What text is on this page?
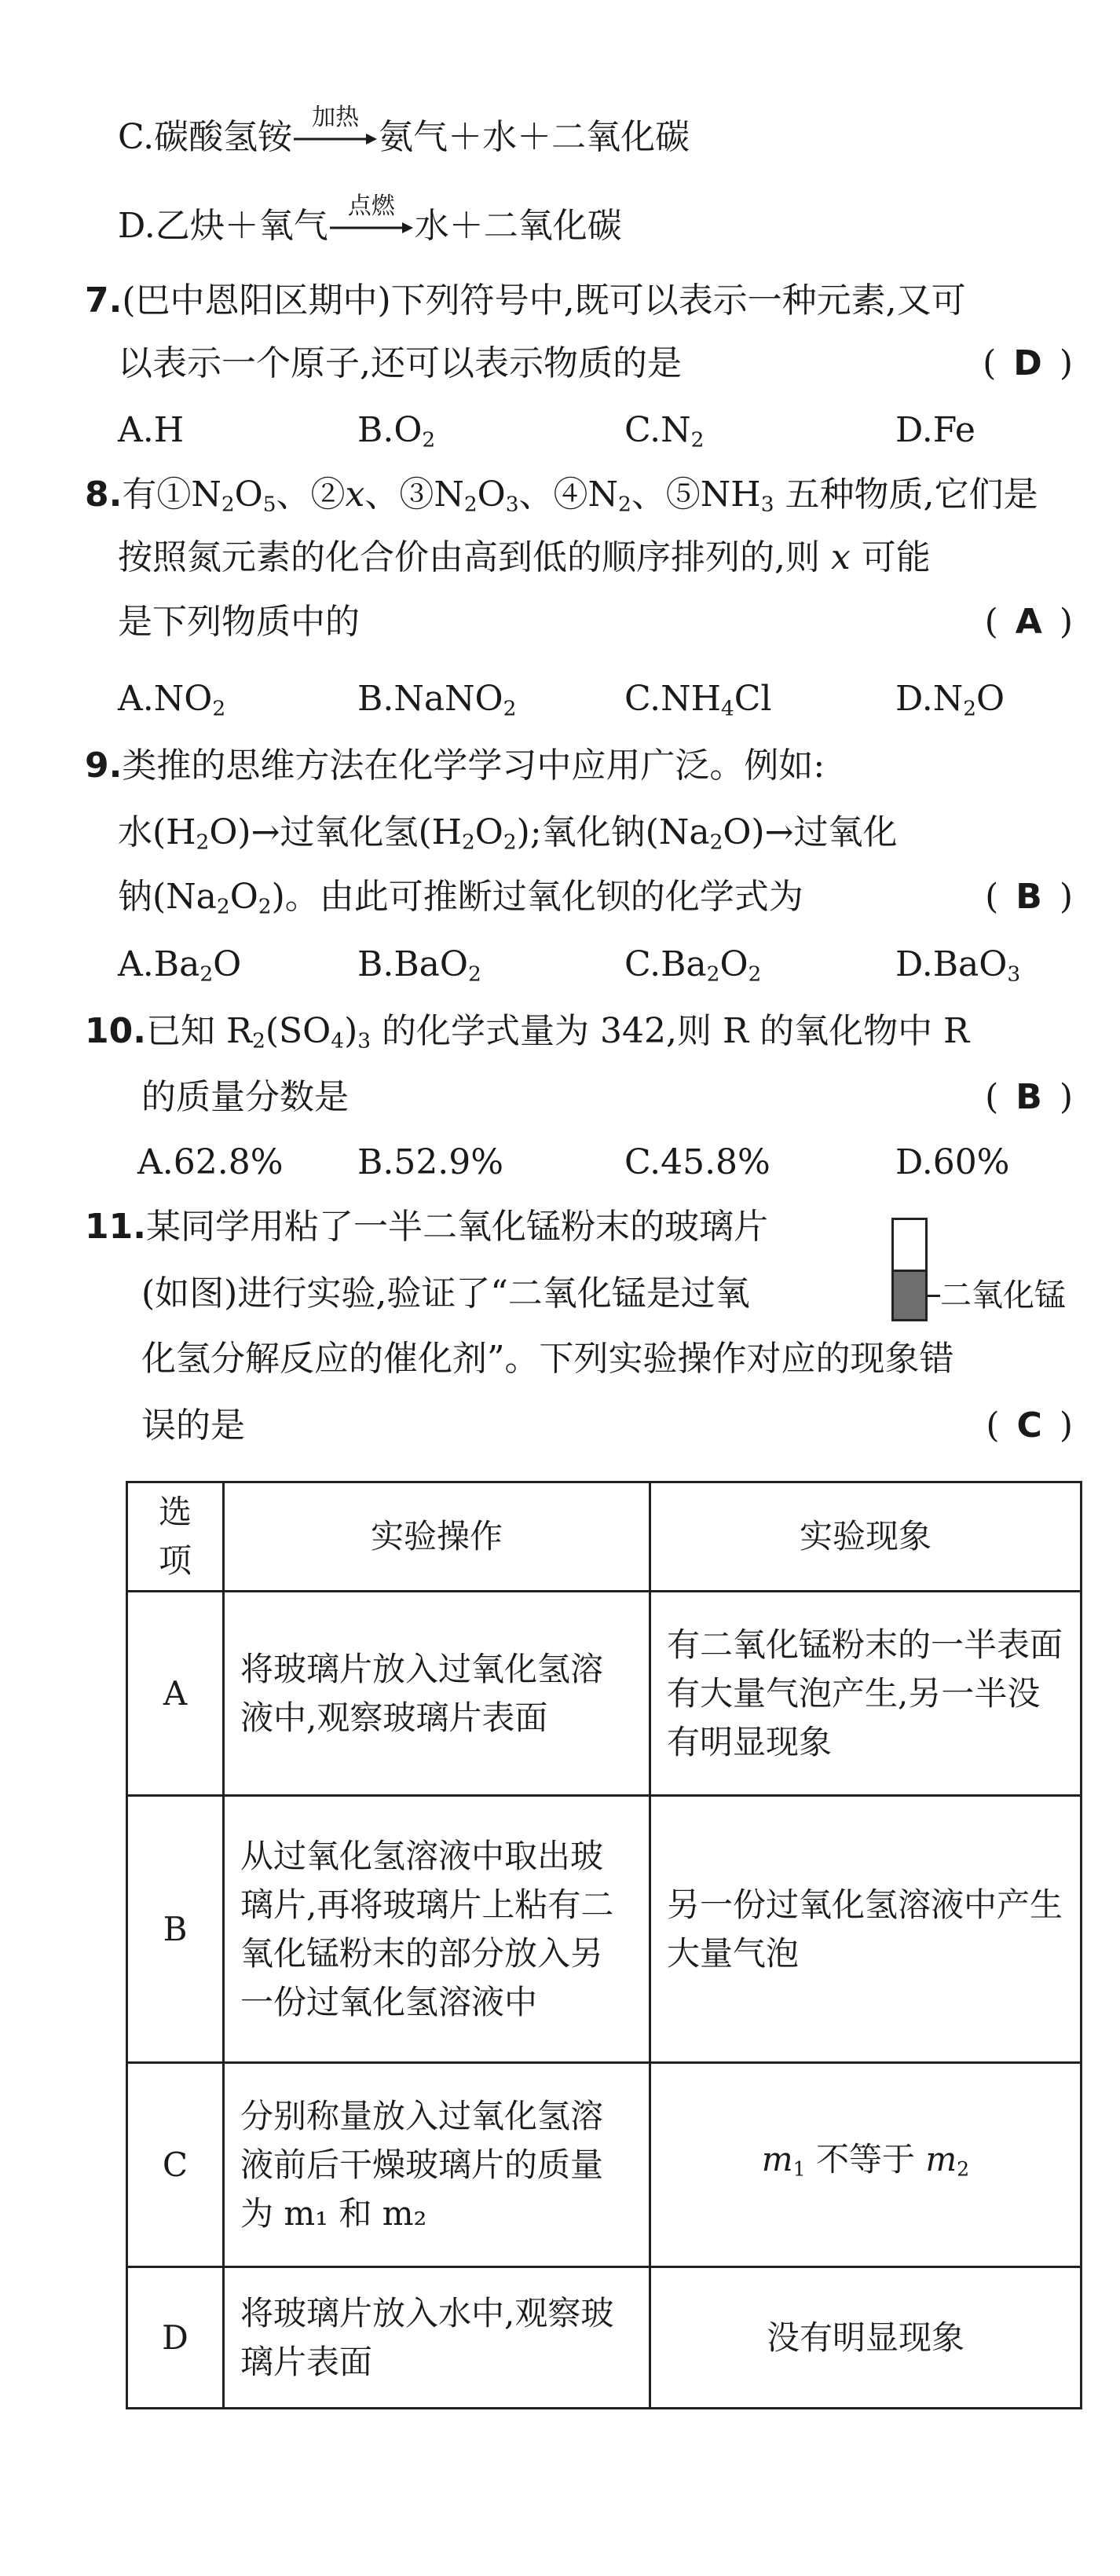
C.碳酸氢铵 加热 氨气＋水＋二氧化碳
D.乙炔＋氧气 点燃 水＋二氧化碳
7.(巴中恩阳区期中)下列符号中,既可以表示一种元素,又可
以表示一个原子,还可以表示物质的是	( D )
A.H	$B.O_2$	$C.N_2$	D.Fe
8.有$①N_2O_5$、②x、$③N_2O_3$、$④N_2$、$⑤NH_3$ 五种物质,它们是
按照氮元素的化合价由高到低的顺序排列的,则 x 可能
是下列物质中的	( A )
$A.NO_2$	B.NaNO$_2$	$C.NH_4Cl$	$D.N_2O$
9.类推的思维方法在化学学习中应用广泛。例如:
水$(H_2O)\to$过氧化氢$(H_2O_2)$;氧化钠$(Na_2O)\to$过氧化
钠$(Na_2O_2)$。由此可推断过氧化钡的化学式为	( B )
$A.Ba_2O$	B.BaO$_2$	$C.Ba_2O_2$	D.BaO$_3$
10.已知 $R_2(SO_4)_3$ 的化学式量为 342,则 R 的氧化物中 R
的质量分数是	( B )
A.62.8% B.52.9%	C.45.8%	D.60%
11.某同学用粘了一半二氧化锰粉末的玻璃片
(如图)进行实验,验证了“二氧化锰是过氧
化氢分解反应的催化剂”。下列实验操作对应的现象错
误的是	( C )
二氧化锰
选项	实验操作	实验现象
A	将玻璃片放入过氧化氢溶液中,观察玻璃片表面	有二氧化锰粉末的一半表面有大量气泡产生,另一半没有明显现象
B	从过氧化氢溶液中取出玻璃片,再将玻璃片上粘有二氧化锰粉末的部分放入另一份过氧化氢溶液中	另一份过氧化氢溶液中产生大量气泡
C	分别称量放入过氧化氢溶液前后干燥玻璃片的质量为 m₁ 和 m₂	$m_1$ 不等于 $m_2$
D	将玻璃片放入水中,观察玻璃片表面	没有明显现象
